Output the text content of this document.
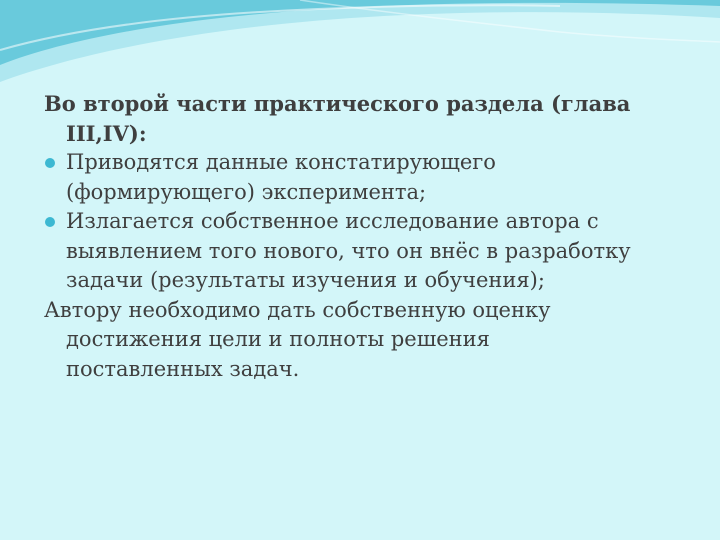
Во второй части практического раздела (глава
III,IV):
Приводятся данные констатирующего
(формирующего) эксперимента;
Излагается собственное исследование автора с
выявлением того нового, что он внёс в разработку
задачи (результаты изучения и обучения);
Автору необходимо дать собственную оценку
достижения цели и полноты решения
поставленных задач.
